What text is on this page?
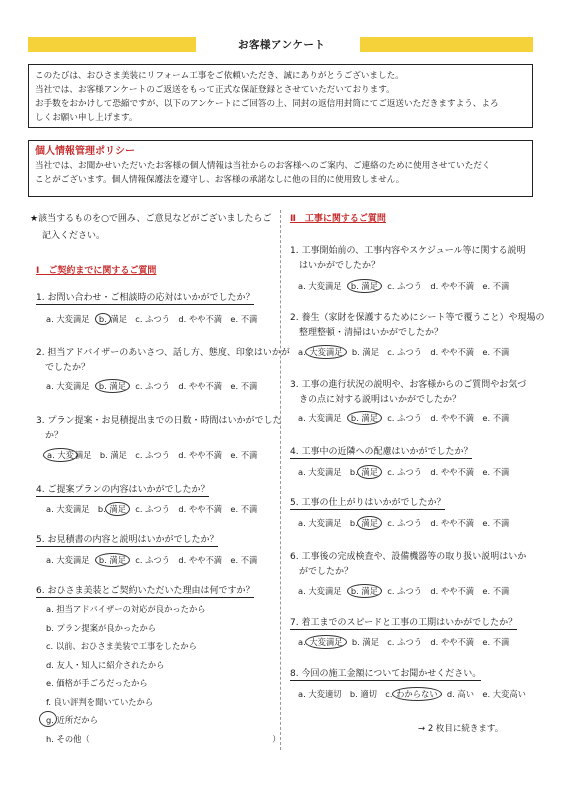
お客様アンケート

このたびは、おひさま美装にリフォーム工事をご依頼いただき、誠にありがとうございました。

当社では、お客様アンケートのご返送をもって正式な保証登録とさせていただいております。

お手数をおかけして恐縮ですが、以下のアンケートにご回答の上、同封の返信用封筒にてご返送いただきますよう、よろ

しくお願い申し上げます。

個人情報管理ポリシー

当社では、お聞かせいただいたお客様の個人情報は当社からのお客様へのご案内、ご連絡のために使用させていただく

ことがございます。個人情報保護法を遵守し、お客様の承諾なしに他の目的に使用致しません。

★該当するものを○で囲み、ご意見などがございましたらご
記入ください。
Ⅰ　ご契約までに関するご質問
1. お問い合わせ・ご相談時の応対はいかがでしたか？
a. 大変満足　b. 満足　c. ふつう　d. やや不満　e. 不満
2. 担当アドバイザーのあいさつ、話し方、態度、印象はいかが
でしたか？
a. 大変満足　b. 満足　c. ふつう　d. やや不満　e. 不満
3. プラン提案・お見積提出までの日数・時間はいかがでした
か？
a. 大変満足　b. 満足　c. ふつう　d. やや不満　e. 不満
4. ご提案プランの内容はいかがでしたか？
a. 大変満足　b. 満足　c. ふつう　d. やや不満　e. 不満
5. お見積書の内容と説明はいかがでしたか？
a. 大変満足　b. 満足　c. ふつう　d. やや不満　e. 不満
6. おひさま美装とご契約いただいた理由は何ですか？
a. 担当アドバイザーの対応が良かったから
b. プラン提案が良かったから
c. 以前、おひさま美装で工事をしたから
d. 友人・知人に紹介されたから
e. 価格が手ごろだったから
f. 良い評判を聞いていたから
g. 近所だから
h. その他（　　　　　　　　　　　　　　　　　　　　　　）
Ⅱ　工事に関するご質問
1. 工事開始前の、工事内容やスケジュール等に関する説明
はいかがでしたか？
a. 大変満足　b. 満足　c. ふつう　d. やや不満　e. 不満
2. 養生（家財を保護するためにシート等で覆うこと）や現場の
整理整頓・清掃はいかがでしたか？
a. 大変満足　b. 満足　c. ふつう　d. やや不満　e. 不満
3. 工事の進行状況の説明や、お客様からのご質問やお気づ
きの点に対する説明はいかがでしたか？
a. 大変満足　b. 満足　c. ふつう　d. やや不満　e. 不満
4. 工事中の近隣への配慮はいかがでしたか？
a. 大変満足　b. 満足　c. ふつう　d. やや不満　e. 不満
5. 工事の仕上がりはいかがでしたか？
a. 大変満足　b. 満足　c. ふつう　d. やや不満　e. 不満
6. 工事後の完成検査や、設備機器等の取り扱い説明はいか
がでしたか？
a. 大変満足　b. 満足　c. ふつう　d. やや不満　e. 不満
7. 着工までのスピードと工事の工期はいかがでしたか？
a. 大変満足　b. 満足　c. ふつう　d. やや不満　e. 不満
8. 今回の施工金額についてお聞かせください。
a. 大変適切　b. 適切　c. わからない　d. 高い　e. 大変高い
→ 2 枚目に続きます。
